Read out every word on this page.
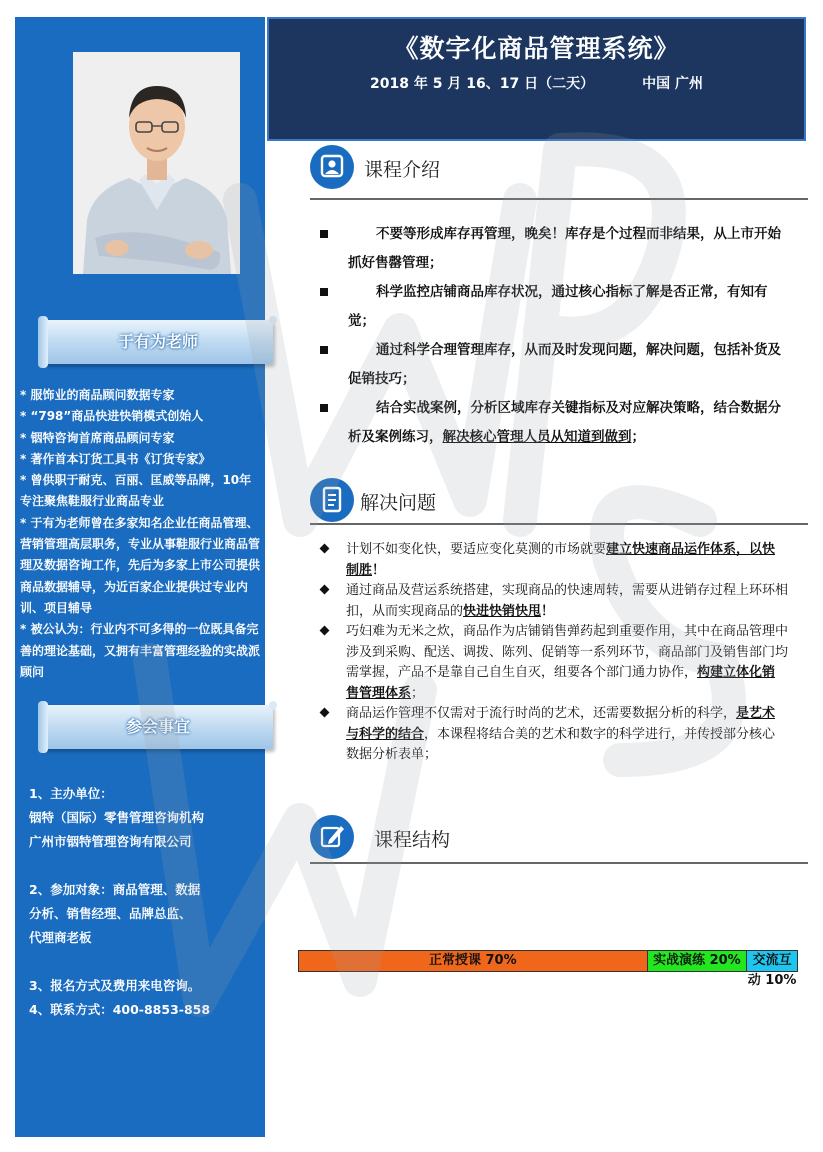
于有为老师
* 服饰业的商品顾问数据专家
* “798”商品快进快销模式创始人
* 铟特咨询首席商品顾问专家
* 著作首本订货工具书《订货专家》
* 曾供职于耐克、百丽、匡威等品牌，10年专注聚焦鞋服行业商品专业
* 于有为老师曾在多家知名企业任商品管理、营销管理高层职务，专业从事鞋服行业商品管理及数据咨询工作，先后为多家上市公司提供商品数据辅导，为近百家企业提供过专业内训、项目辅导
* 被公认为：行业内不可多得的一位既具备完善的理论基础，又拥有丰富管理经验的实战派顾问
参会事宜
1、主办单位：
铟特（国际）零售管理咨询机构
广州市铟特管理咨询有限公司
2、参加对象：商品管理、数据
分析、销售经理、品牌总监、
代理商老板
3、报名方式及费用来电咨询。
4、联系方式：400-8853-858
《数字化商品管理系统》
2018 年 5 月 16、17 日（二天）	中国 广州
课程介绍
不要等形成库存再管理，晚矣！库存是个过程而非结果，从上市开始抓好售罄管理；
科学监控店铺商品库存状况，通过核心指标了解是否正常，有知有觉；
通过科学合理管理库存，从而及时发现问题，解决问题，包括补货及促销技巧；
结合实战案例，分析区域库存关键指标及对应解决策略，结合数据分析及案例练习，解决核心管理人员从知道到做到；
解决问题
计划不如变化快，要适应变化莫测的市场就要建立快速商品运作体系，以快制胜！
通过商品及营运系统搭建，实现商品的快速周转，需要从进销存过程上环环相扣，从而实现商品的快进快销快甩！
巧妇难为无米之炊，商品作为店铺销售弹药起到重要作用，其中在商品管理中涉及到采购、配送、调拨、陈列、促销等一系列环节，商品部门及销售部门均需掌握，产品不是靠自己自生自灭，组要各个部门通力协作，构建立体化销售管理体系；
商品运作管理不仅需对于流行时尚的艺术，还需要数据分析的科学，是艺术与科学的结合，本课程将结合美的艺术和数字的科学进行，并传授部分核心数据分析表单；
课程结构
正常授课 70%	实战演练 20% 交流互动 10%
